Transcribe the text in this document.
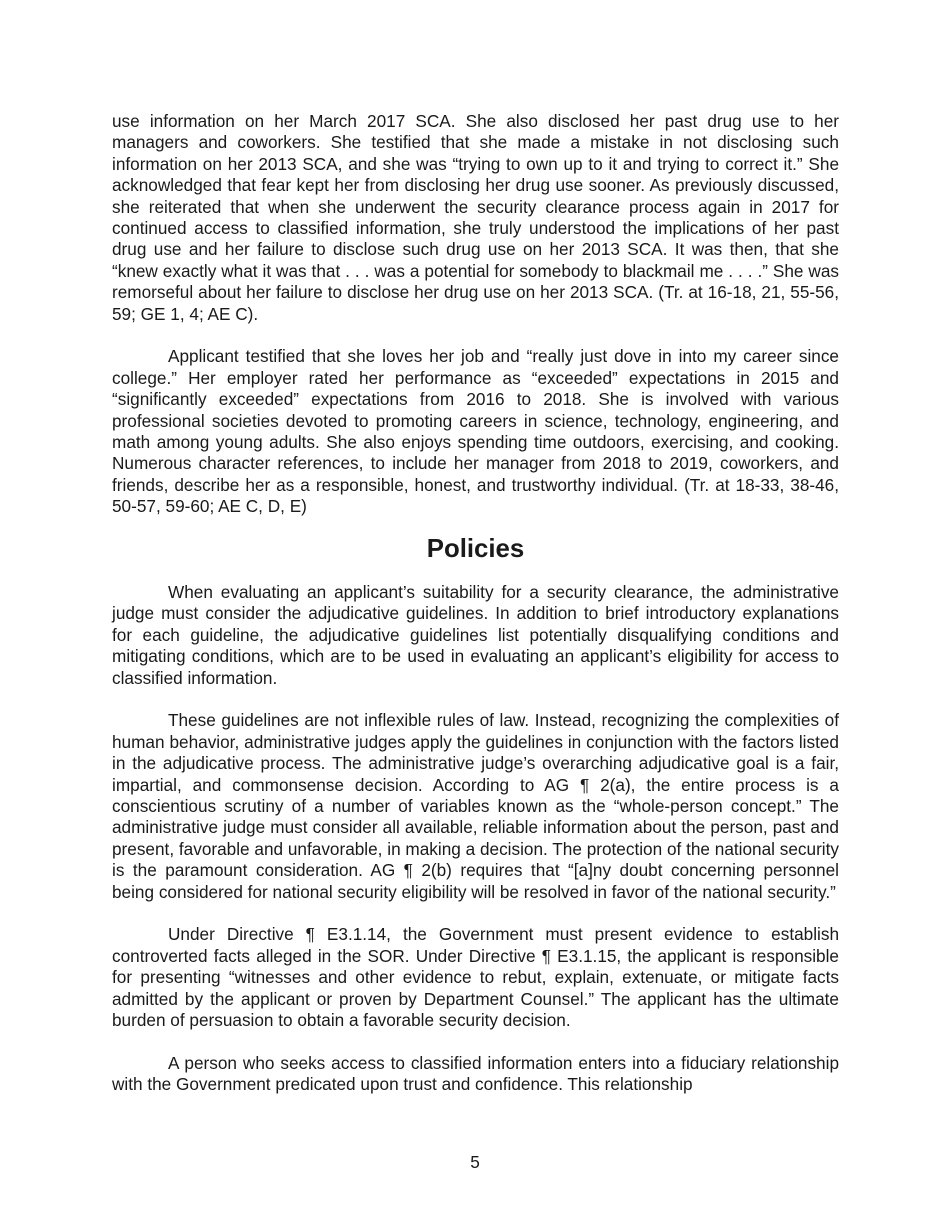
use information on her March 2017 SCA. She also disclosed her past drug use to her managers and coworkers. She testified that she made a mistake in not disclosing such information on her 2013 SCA, and she was “trying to own up to it and trying to correct it.” She acknowledged that fear kept her from disclosing her drug use sooner. As previously discussed, she reiterated that when she underwent the security clearance process again in 2017 for continued access to classified information, she truly understood the implications of her past drug use and her failure to disclose such drug use on her 2013 SCA. It was then, that she “knew exactly what it was that . . . was a potential for somebody to blackmail me . . . .” She was remorseful about her failure to disclose her drug use on her 2013 SCA. (Tr. at 16-18, 21, 55-56, 59; GE 1, 4; AE C).

Applicant testified that she loves her job and “really just dove in into my career since college.” Her employer rated her performance as “exceeded” expectations in 2015 and “significantly exceeded” expectations from 2016 to 2018. She is involved with various professional societies devoted to promoting careers in science, technology, engineering, and math among young adults. She also enjoys spending time outdoors, exercising, and cooking. Numerous character references, to include her manager from 2018 to 2019, coworkers, and friends, describe her as a responsible, honest, and trustworthy individual. (Tr. at 18-33, 38-46, 50-57, 59-60; AE C, D, E)

Policies

When evaluating an applicant’s suitability for a security clearance, the administrative judge must consider the adjudicative guidelines. In addition to brief introductory explanations for each guideline, the adjudicative guidelines list potentially disqualifying conditions and mitigating conditions, which are to be used in evaluating an applicant’s eligibility for access to classified information.

These guidelines are not inflexible rules of law. Instead, recognizing the complexities of human behavior, administrative judges apply the guidelines in conjunction with the factors listed in the adjudicative process. The administrative judge’s overarching adjudicative goal is a fair, impartial, and commonsense decision. According to AG ¶ 2(a), the entire process is a conscientious scrutiny of a number of variables known as the “whole-person concept.” The administrative judge must consider all available, reliable information about the person, past and present, favorable and unfavorable, in making a decision. The protection of the national security is the paramount consideration. AG ¶ 2(b) requires that “[a]ny doubt concerning personnel being considered for national security eligibility will be resolved in favor of the national security.”

Under Directive ¶ E3.1.14, the Government must present evidence to establish controverted facts alleged in the SOR. Under Directive ¶ E3.1.15, the applicant is responsible for presenting “witnesses and other evidence to rebut, explain, extenuate, or mitigate facts admitted by the applicant or proven by Department Counsel.” The applicant has the ultimate burden of persuasion to obtain a favorable security decision.

A person who seeks access to classified information enters into a fiduciary relationship with the Government predicated upon trust and confidence. This relationship

5
